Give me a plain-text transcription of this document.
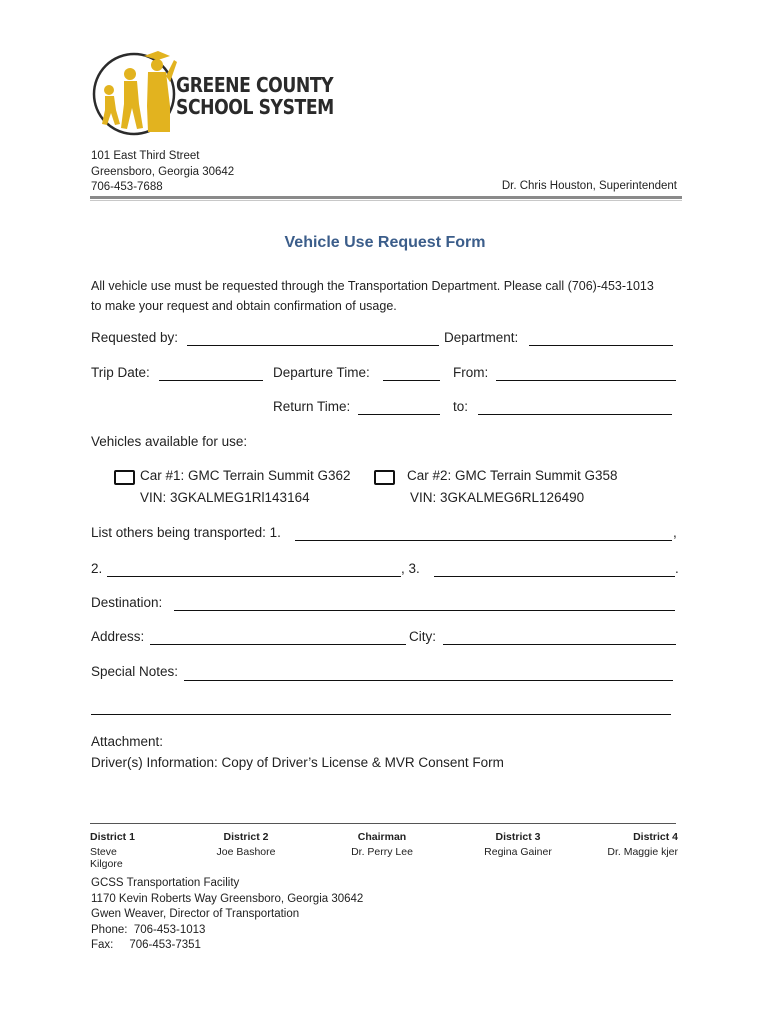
GREENE COUNTY
SCHOOL SYSTEM
101 East Third Street
Greensboro, Georgia 30642
706-453-7688	Dr. Chris Houston, Superintendent
Vehicle Use Request Form
All vehicle use must be requested through the Transportation Department. Please call (706)-453-1013
to make your request and obtain confirmation of usage.
Requested by:	Department:
Trip Date:	Departure Time:	From:
Return Time:	to:
Vehicles available for use:
Car #1: GMC Terrain Summit G362
VIN: 3GKALMEG1Rl143164
Car #2: GMC Terrain Summit G358
VIN: 3GKALMEG6RL126490
List others being transported: 1.	,
2.	, 3.	.
Destination:
Address:	City:
Special Notes:
Attachment:
Driver(s) Information: Copy of Driver’s License & MVR Consent Form
District 1
Steve Kilgore
District 2
Joe Bashore
Chairman
Dr. Perry Lee
District 3
Regina Gainer
District 4
Dr. Maggie kjer
GCSS Transportation Facility
1170 Kevin Roberts Way Greensboro, Georgia 30642
Gwen Weaver, Director of Transportation
Phone:  706-453-1013
Fax:     706-453-7351
